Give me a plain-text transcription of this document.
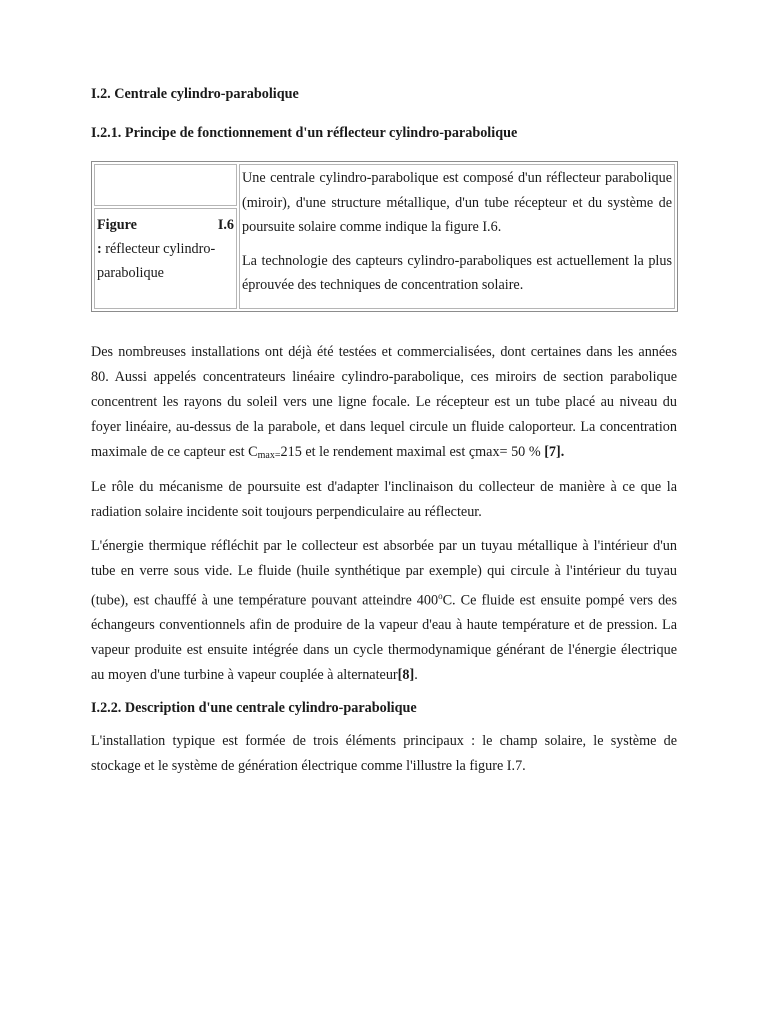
I.2. Centrale cylindro-parabolique
I.2.1. Principe de fonctionnement d'un réflecteur cylindro-parabolique

Une centrale cylindro-parabolique est composé d'un réflecteur parabolique (miroir), d'une structure métallique, d'un tube récepteur et du système de poursuite solaire comme indique la figure I.6.

La technologie des capteurs cylindro-paraboliques est actuellement la plus éprouvée des techniques de concentration solaire.

Figure	I.6
: réflecteur cylindro-parabolique

Des nombreuses installations ont déjà été testées et commercialisées, dont certaines dans les années 80. Aussi appelés concentrateurs linéaire cylindro-parabolique, ces miroirs de section parabolique concentrent les rayons du soleil vers une ligne focale. Le récepteur est un tube placé au niveau du foyer linéaire, au-dessus de la parabole, et dans lequel circule un fluide caloporteur. La concentration maximale de ce capteur est Cmax=215 et le rendement maximal est çmax= 50 % [7].

Le rôle du mécanisme de poursuite est d'adapter l'inclinaison du collecteur de manière à ce que la radiation solaire incidente soit toujours perpendiculaire au réflecteur.

L'énergie thermique réfléchit par le collecteur est absorbée par un tuyau métallique à l'intérieur d'un tube en verre sous vide. Le fluide (huile synthétique par exemple) qui circule à l'intérieur du tuyau (tube), est chauffé à une température pouvant atteindre 400$^o$C. Ce fluide est ensuite pompé vers des échangeurs conventionnels afin de produire de la vapeur d'eau à haute température et de pression. La vapeur produite est ensuite intégrée dans un cycle thermodynamique générant de l'énergie électrique au moyen d'une turbine à vapeur couplée à alternateur[8].

I.2.2. Description d'une centrale cylindro-parabolique

L'installation typique est formée de trois éléments principaux : le champ solaire, le système de stockage et le système de génération électrique comme l'illustre la figure I.7.
